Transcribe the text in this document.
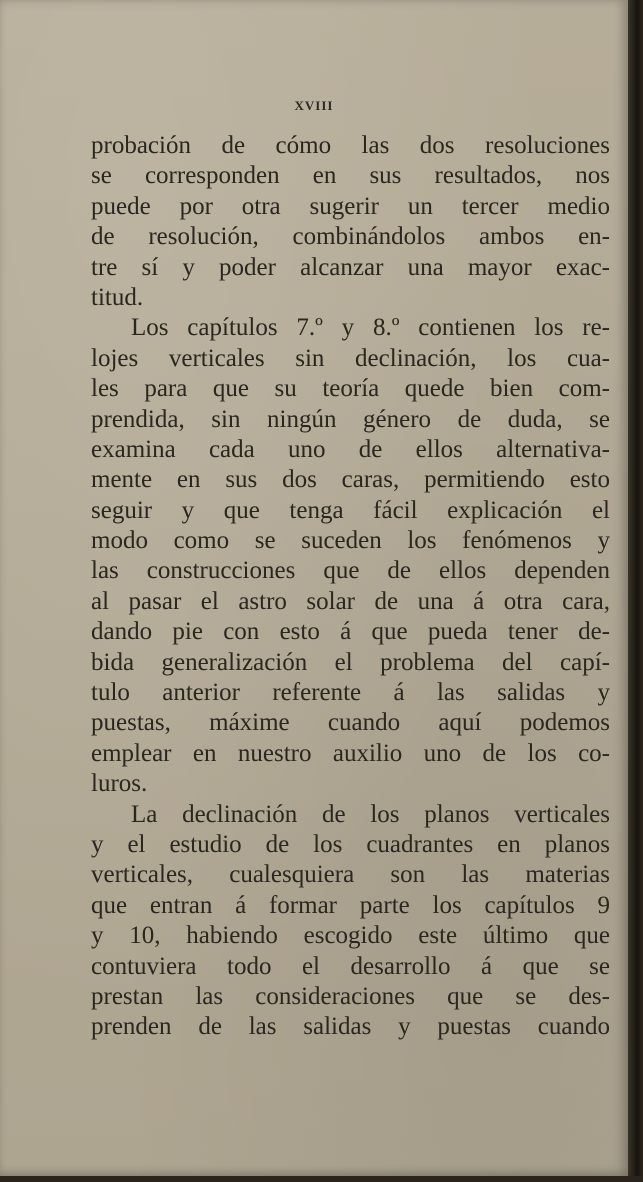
XVIII
probación de cómo las dos resoluciones
se corresponden en sus resultados, nos
puede por otra sugerir un tercer medio
de resolución, combinándolos ambos en-
tre sí y poder alcanzar una mayor exac-
titud.
Los capítulos 7.º y 8.º contienen los re-
lojes verticales sin declinación, los cua-
les para que su teoría quede bien com-
prendida, sin ningún género de duda, se
examina cada uno de ellos alternativa-
mente en sus dos caras, permitiendo esto
seguir y que tenga fácil explicación el
modo como se suceden los fenómenos y
las construcciones que de ellos dependen
al pasar el astro solar de una á otra cara,
dando pie con esto á que pueda tener de-
bida generalización el problema del capí-
tulo anterior referente á las salidas y
puestas, máxime cuando aquí podemos
emplear en nuestro auxilio uno de los co-
luros.
La declinación de los planos verticales
y el estudio de los cuadrantes en planos
verticales, cualesquiera son las materias
que entran á formar parte los capítulos 9
y 10, habiendo escogido este último que
contuviera todo el desarrollo á que se
prestan las consideraciones que se des-
prenden de las salidas y puestas cuando
